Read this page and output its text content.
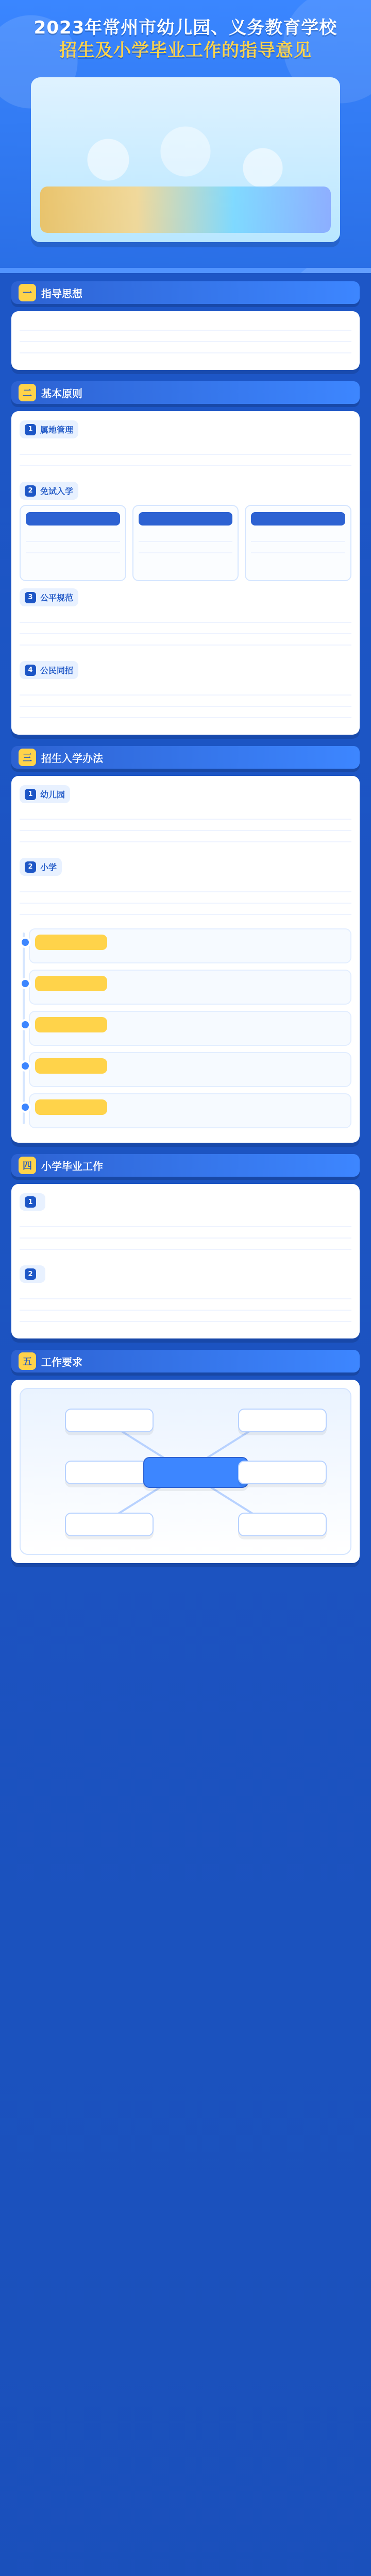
2023年常州市幼儿园、义务教育学校
招生及小学毕业工作的指导意见
一 指导思想
二 基本原则
1 属地管理
2 免试入学
3 公平规范
4 公民同招
三 招生入学办法
1 幼儿园
2 小学
四 小学毕业工作
1
2
五 工作要求
